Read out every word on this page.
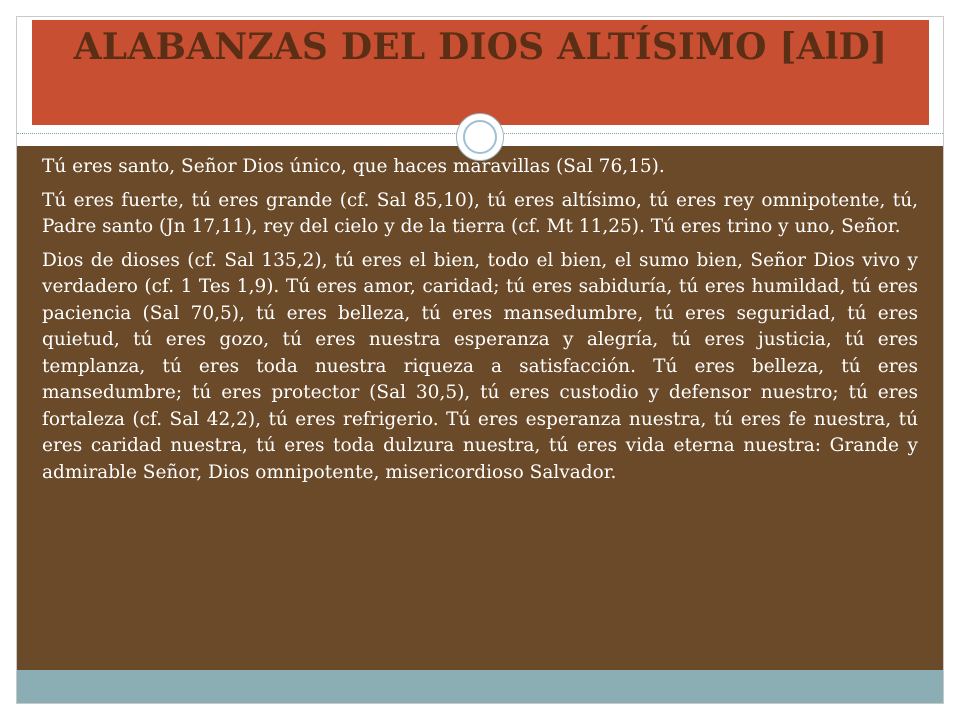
ALABANZAS DEL DIOS ALTÍSIMO [AlD]

Tú eres santo, Señor Dios único, que haces maravillas (Sal 76,15).

Tú eres fuerte, tú eres grande (cf. Sal 85,10), tú eres altísimo, tú eres rey omnipotente, tú, Padre santo (Jn 17,11), rey del cielo y de la tierra (cf. Mt 11,25). Tú eres trino y uno, Señor.

Dios de dioses (cf. Sal 135,2), tú eres el bien, todo el bien, el sumo bien, Señor Dios vivo y verdadero (cf. 1 Tes 1,9). Tú eres amor, caridad; tú eres sabiduría, tú eres humildad, tú eres paciencia (Sal 70,5), tú eres belleza, tú eres mansedumbre, tú eres seguridad, tú eres quietud, tú eres gozo, tú eres nuestra esperanza y alegría, tú eres justicia, tú eres templanza, tú eres toda nuestra riqueza a satisfacción. Tú eres belleza, tú eres mansedumbre; tú eres protector (Sal 30,5), tú eres custodio y defensor nuestro; tú eres fortaleza (cf. Sal 42,2), tú eres refrigerio. Tú eres esperanza nuestra, tú eres fe nuestra, tú eres caridad nuestra, tú eres toda dulzura nuestra, tú eres vida eterna nuestra: Grande y admirable Señor, Dios omnipotente, misericordioso Salvador.
